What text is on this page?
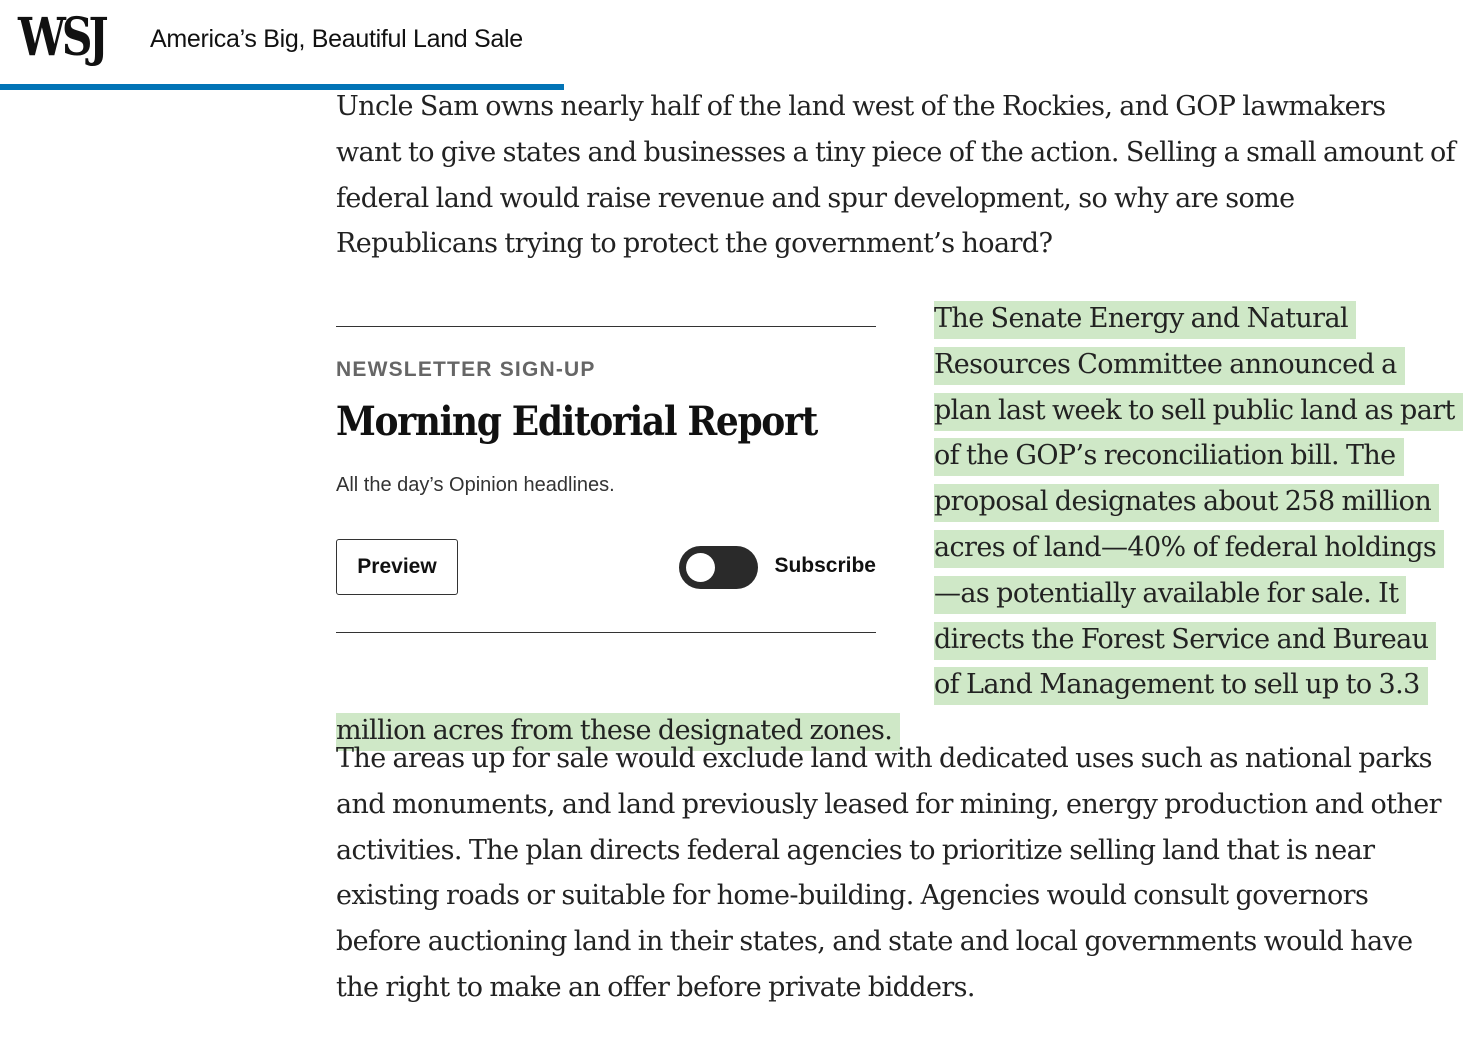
WSJ America’s Big, Beautiful Land Sale

Uncle Sam owns nearly half of the land west of the Rockies, and GOP lawmakers want to give states and businesses a tiny piece of the action. Selling a small amount of federal land would raise revenue and spur development, so why are some Republicans trying to protect the government’s hoard?

NEWSLETTER SIGN-UP
Morning Editorial Report
All the day’s Opinion headlines.
Preview	Subscribe

The Senate Energy and Natural Resources Committee announced a plan last week to sell public land as part of the GOP’s reconciliation bill. The proposal designates about 258 million acres of land—40% of federal holdings—as potentially available for sale. It directs the Forest Service and Bureau of Land Management to sell up to 3.3 million acres from these designated zones.

The areas up for sale would exclude land with dedicated uses such as national parks and monuments, and land previously leased for mining, energy production and other activities. The plan directs federal agencies to prioritize selling land that is near existing roads or suitable for home-building. Agencies would consult governors before auctioning land in their states, and state and local governments would have the right to make an offer before private bidders.
